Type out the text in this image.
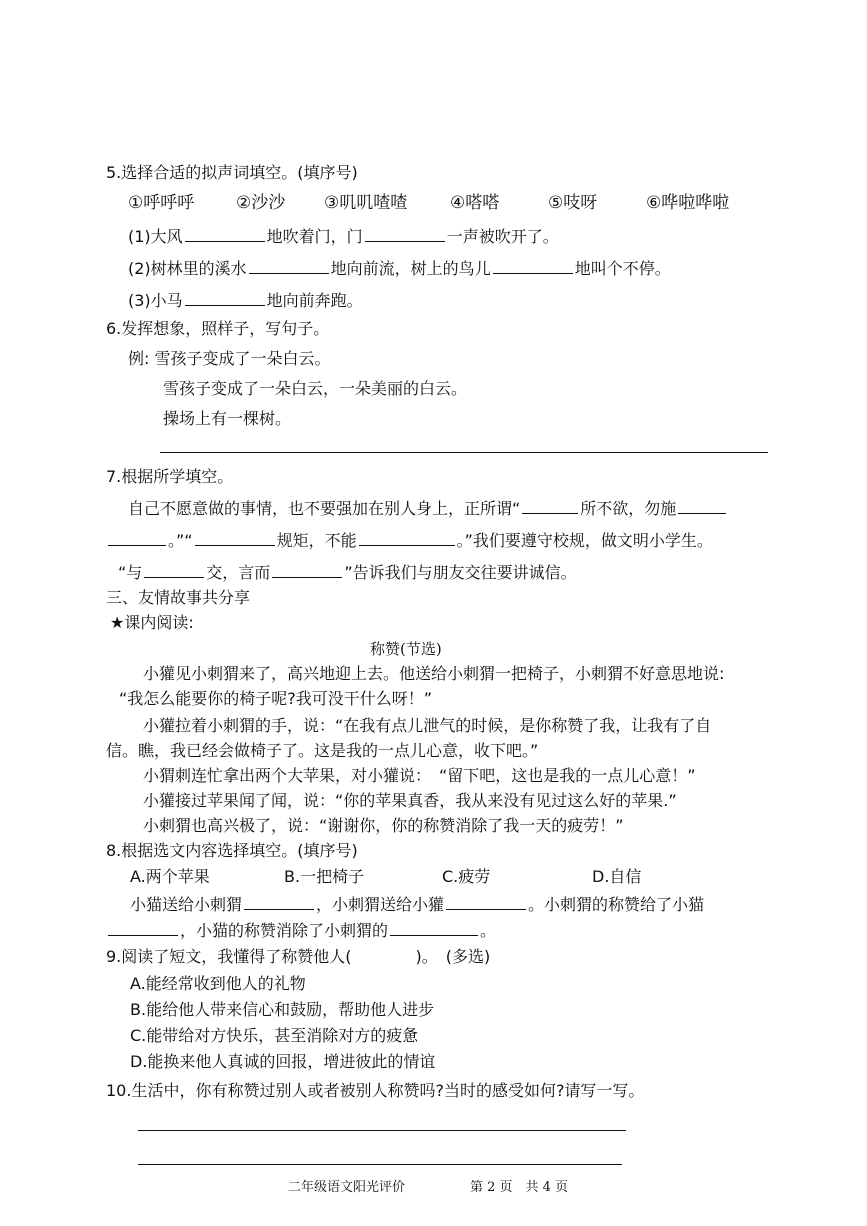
5.选择合适的拟声词填空。(填序号)
①呼呼呼 ②沙沙 ③叽叽喳喳	④嗒嗒	⑤吱呀	⑥哗啦哗啦
(1)大风	地吹着门，门	一声被吹开了。
(2)树林里的溪水	地向前流，树上的鸟儿	地叫个不停。
(3)小马	地向前奔跑。
6.发挥想象，照样子，写句子。
例: 雪孩子变成了一朵白云。
雪孩子变成了一朵白云，一朵美丽的白云。
操场上有一棵树。
7.根据所学填空。
自己不愿意做的事情，也不要强加在别人身上，正所谓“	所不欲，勿施
。”“	规矩，不能	。”我们要遵守校规，做文明小学生。
“与	交，言而	”告诉我们与朋友交往要讲诚信。
三、友情故事共分享
★课内阅读:
称赞(节选)
小獾见小刺猬来了，高兴地迎上去。他送给小刺猬一把椅子，小刺猬不好意思地说:
“我怎么能要你的椅子呢?我可没干什么呀！”
小獾拉着小刺猬的手，说：“在我有点儿泄气的时候，是你称赞了我，让我有了自
信。瞧，我已经会做椅子了。这是我的一点儿心意，收下吧。”
小猬刺连忙拿出两个大苹果，对小獾说：　“留下吧，这也是我的一点儿心意！”
小獾接过苹果闻了闻，说：“你的苹果真香，我从来没有见过这么好的苹果.”
小刺猬也高兴极了，说：“谢谢你，你的称赞消除了我一天的疲劳！”
8.根据选文内容选择填空。(填序号)
A.两个苹果	B.一把椅子	C.疲劳	D.自信
小猫送给小刺猬	，小刺猬送给小獾	。小刺猬的称赞给了小猫
，小猫的称赞消除了小刺猬的	。
9.阅读了短文，我懂得了称赞他人(	)。　(多选)
A.能经常收到他人的礼物
B.能给他人带来信心和鼓励，帮助他人进步
C.能带给对方快乐，甚至消除对方的疲惫
D.能换来他人真诚的回报，增进彼此的情谊
10.生活中，你有称赞过别人或者被别人称赞吗?当时的感受如何?请写一写。
二年级语文阳光评价	第 2 页　共 4 页
